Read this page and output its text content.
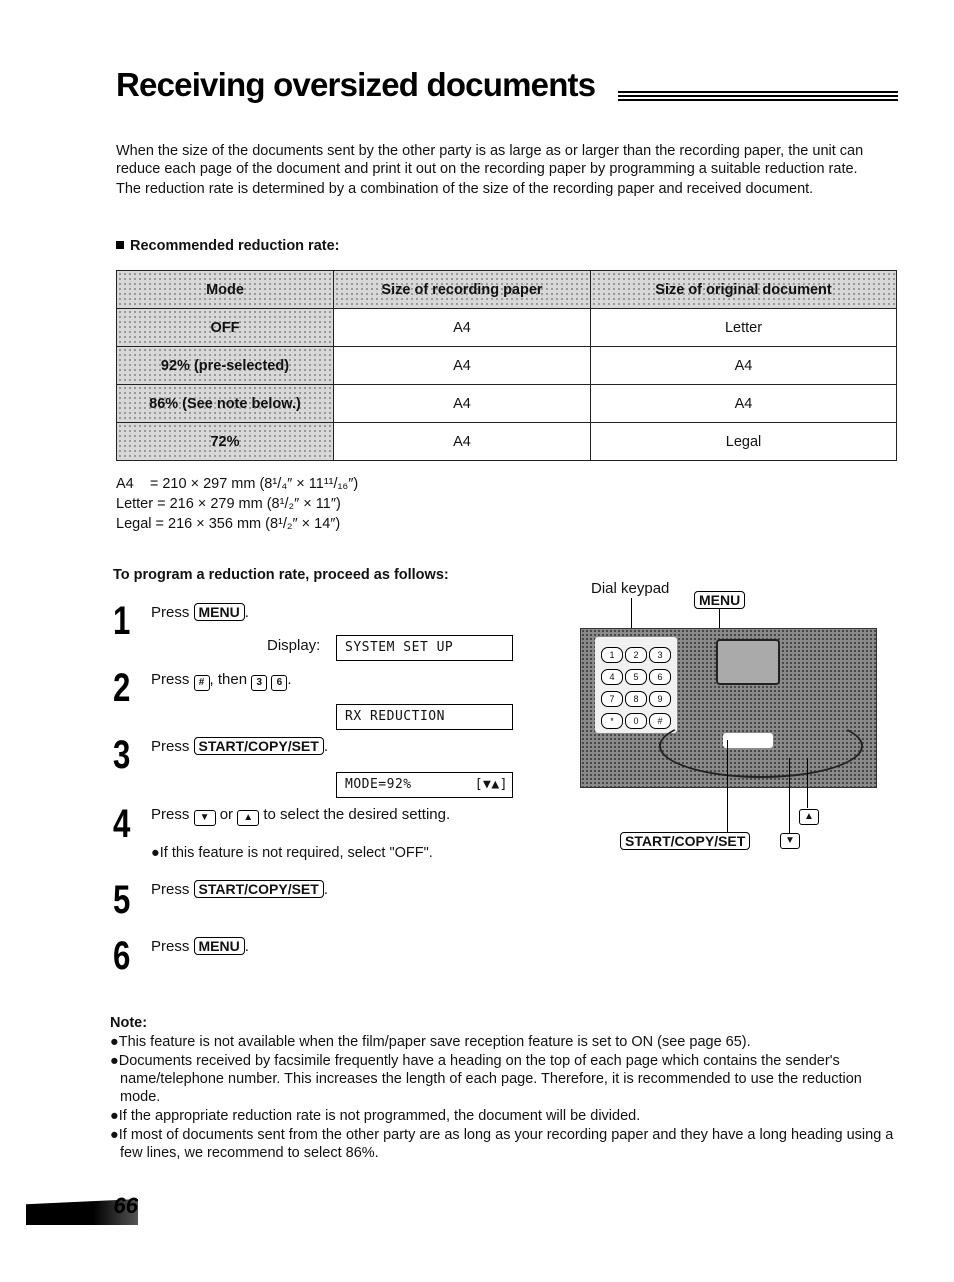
Receiving oversized documents

When the size of the documents sent by the other party is as large as or larger than the recording paper, the unit can reduce each page of the document and print it out on the recording paper by programming a suitable reduction rate.

The reduction rate is determined by a combination of the size of the recording paper and received document.

Recommended reduction rate:
Mode	Size of recording paper	Size of original document
OFF	A4	Letter
92% (pre-selected)	A4	A4
86% (See note below.)	A4	A4
72%	A4	Legal
A4    = 210 × 297 mm (8¹/₄″ × 11¹¹/₁₆″)
Letter = 216 × 279 mm (8¹/₂″ × 11″)
Legal = 216 × 356 mm (8¹/₂″ × 14″)
To program a reduction rate, proceed as follows:
1 Press MENU .
Display:	SYSTEM SET UP
2 Press # , then 3 6 .
RX REDUCTION
3 Press START/COPY/SET .
MODE=92%	[▼▲]
4 Press ▼ or ▲ to select the desired setting.
●If this feature is not required, select "OFF".
5 Press START/COPY/SET .
6 Press MENU .
Dial keypad
MENU
1	2	3
4	5	6
7	8	9
*	0	#
▲
START/COPY/SET	▼
Note:
●This feature is not available when the film/paper save reception feature is set to ON (see page 65).
●Documents received by facsimile frequently have a heading on the top of each page which contains the sender's name/telephone number. This increases the length of each page. Therefore, it is recommended to use the reduction mode.
●If the appropriate reduction rate is not programmed, the document will be divided.
●If most of documents sent from the other party are as long as your recording paper and they have a long heading using a few lines, we recommend to select 86%.
66
